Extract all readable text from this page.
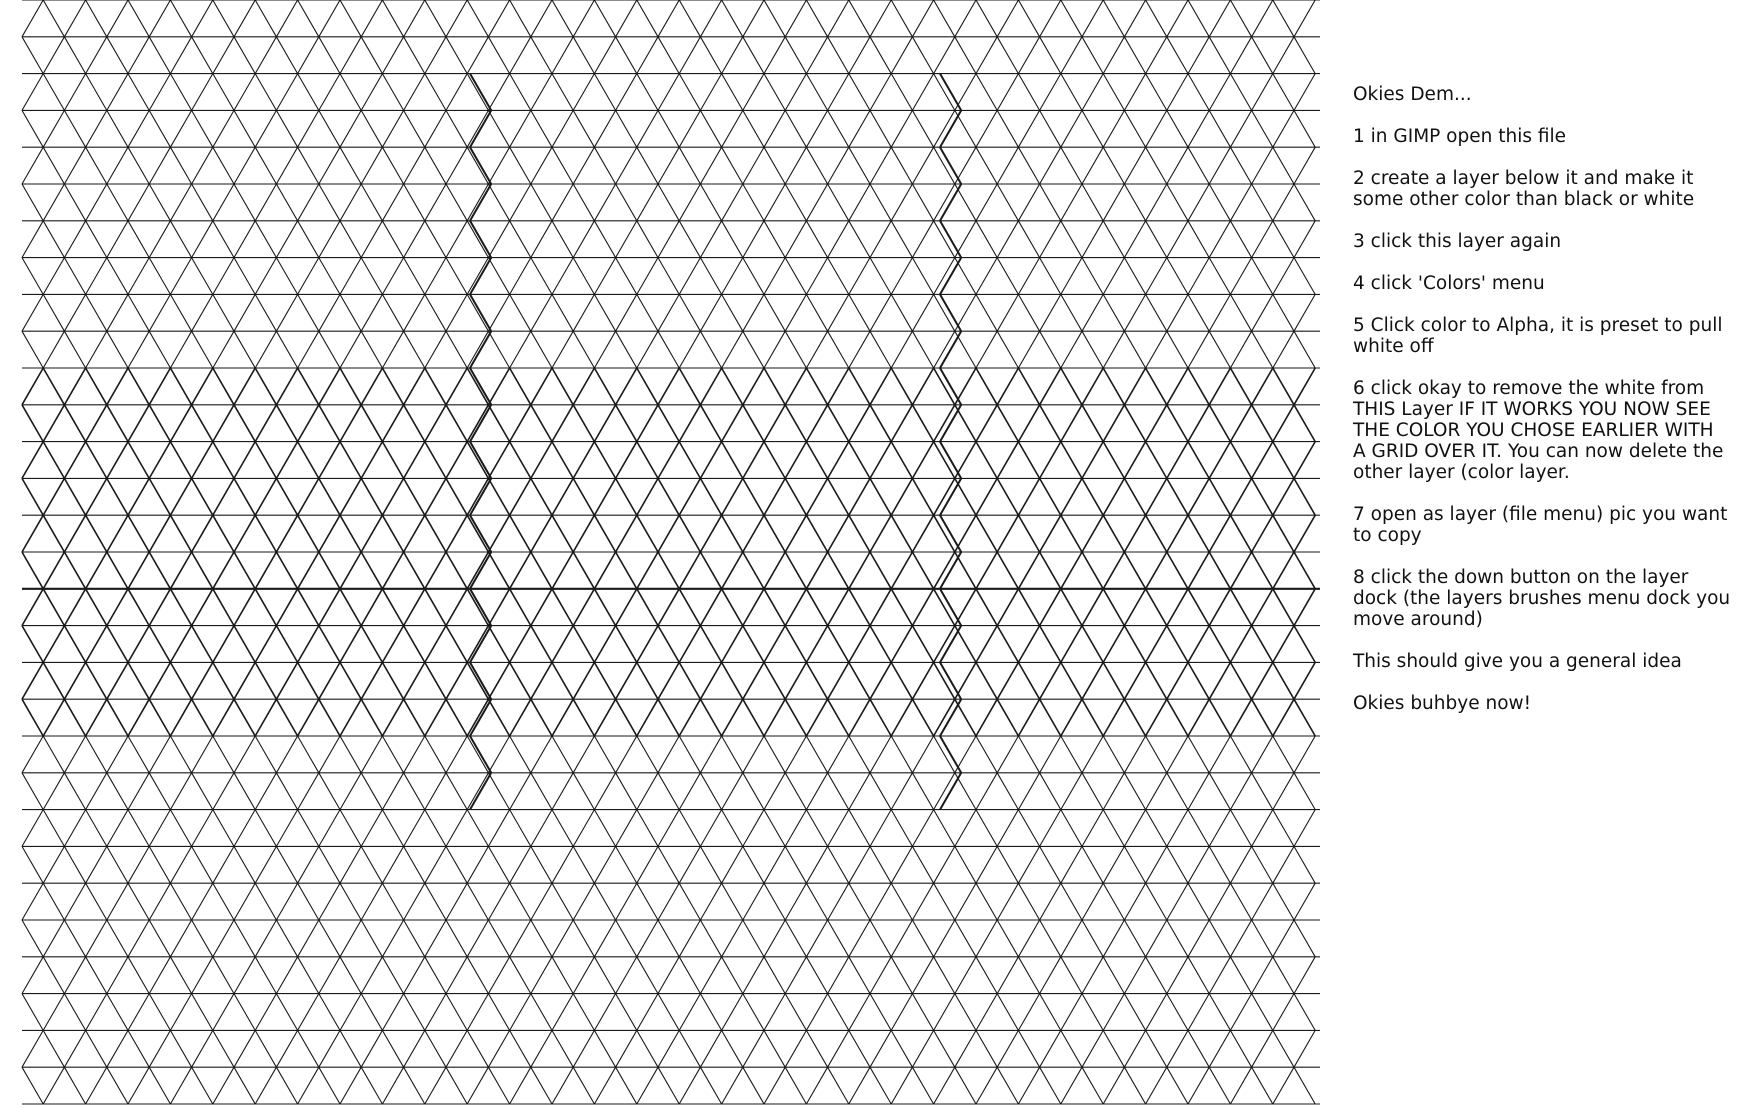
Okies Dem...

1 in GIMP open this file

2 create a layer below it and make it
some other color than black or white

3 click this layer again

4 click 'Colors' menu

5 Click color to Alpha, it is preset to pull
white off

6 click okay to remove the white from
THIS Layer IF IT WORKS YOU NOW SEE
THE COLOR YOU CHOSE EARLIER WITH
A GRID OVER IT. You can now delete the
other layer (color layer.

7 open as layer (file menu) pic you want
to copy

8 click the down button on the layer
dock (the layers brushes menu dock you
move around)

This should give you a general idea

Okies buhbye now!
